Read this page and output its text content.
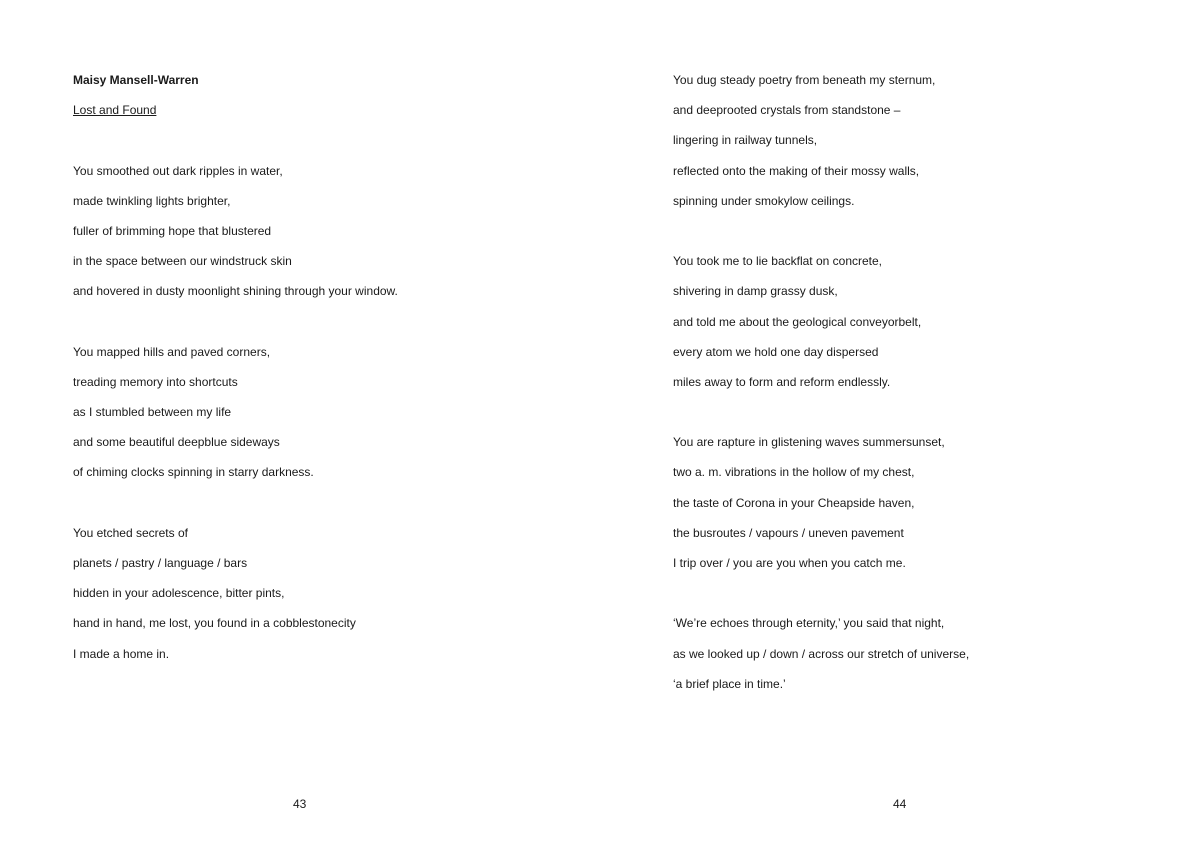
Maisy Mansell-Warren
Lost and Found
You smoothed out dark ripples in water,
made twinkling lights brighter,
fuller of brimming hope that blustered
in the space between our windstruck skin
and hovered in dusty moonlight shining through your window.
You mapped hills and paved corners,
treading memory into shortcuts
as I stumbled between my life
and some beautiful deepblue sideways
of chiming clocks spinning in starry darkness.
You etched secrets of
planets / pastry / language / bars
hidden in your adolescence, bitter pints,
hand in hand, me lost, you found in a cobblestonecity
I made a home in.
43
You dug steady poetry from beneath my sternum,
and deeprooted crystals from standstone –
lingering in railway tunnels,
reflected onto the making of their mossy walls,
spinning under smokylow ceilings.
You took me to lie backflat on concrete,
shivering in damp grassy dusk,
and told me about the geological conveyorbelt,
every atom we hold one day dispersed
miles away to form and reform endlessly.
You are rapture in glistening waves summersunset,
two a. m. vibrations in the hollow of my chest,
the taste of Corona in your Cheapside haven,
the busroutes / vapours / uneven pavement
I trip over / you are you when you catch me.
‘We’re echoes through eternity,’ you said that night,
as we looked up / down / across our stretch of universe,
‘a brief place in time.’
44
